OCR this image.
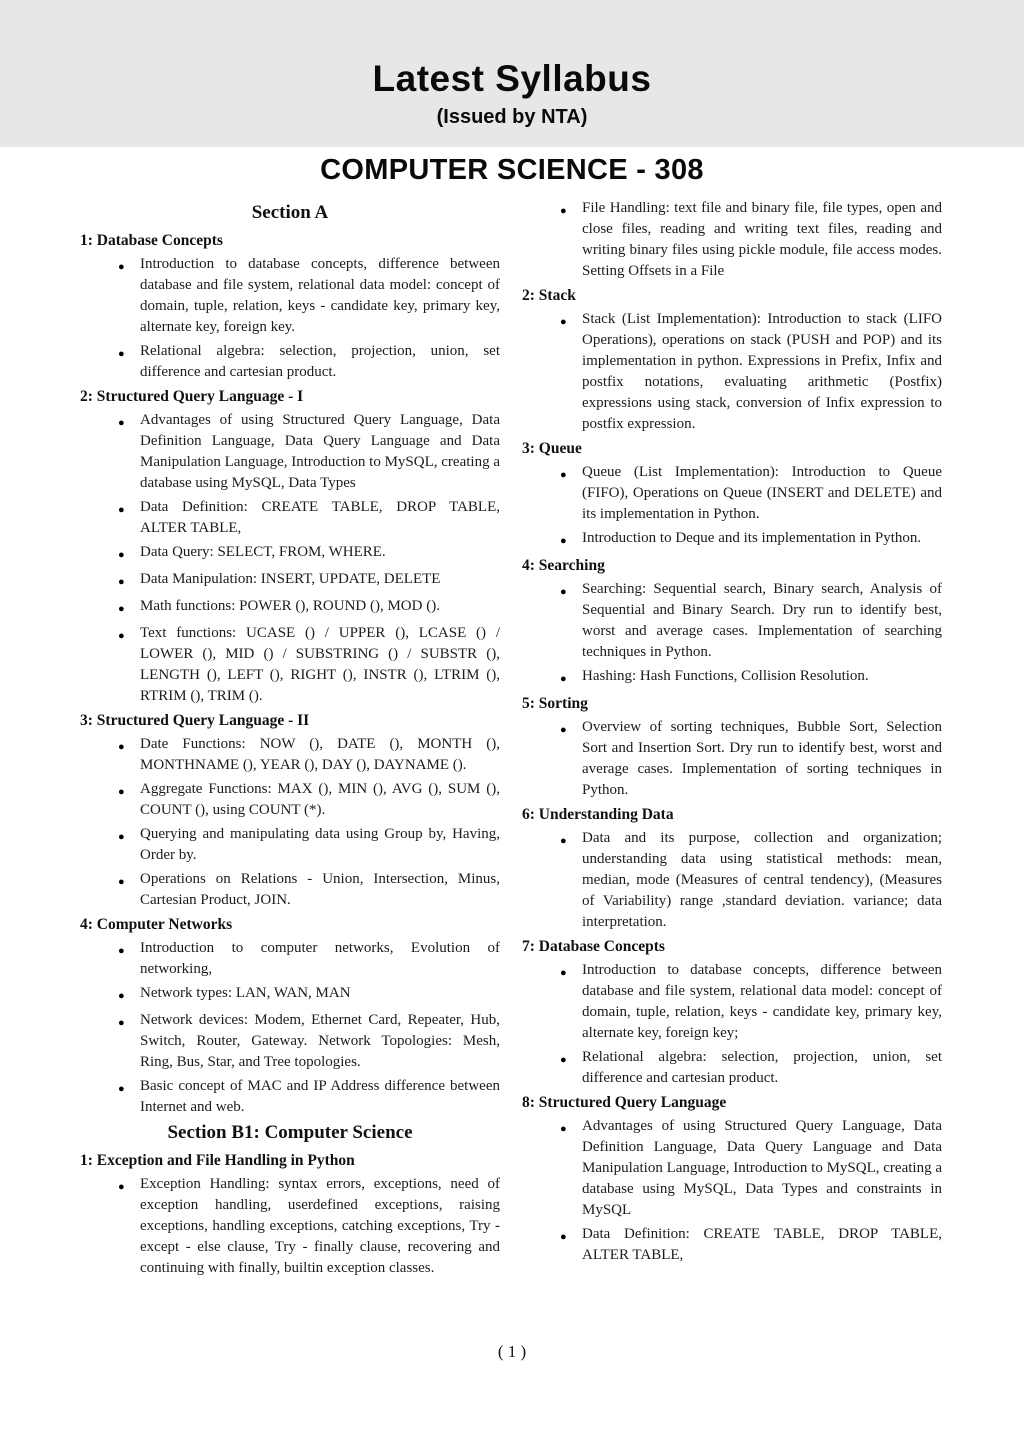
Latest Syllabus
(Issued by NTA)
COMPUTER SCIENCE - 308
Section A
1: Database Concepts
●	Introduction to database concepts, difference between database and file system, relational data model: concept of domain, tuple, relation, keys - candidate key, primary key, alternate key, foreign key.
●	Relational algebra: selection, projection, union, set difference and cartesian product.
2: Structured Query Language - I
●	Advantages of using Structured Query Language, Data Definition Language, Data Query Language and Data Manipulation Language, Introduction to MySQL, creating a database using MySQL, Data Types
●	Data Definition: CREATE TABLE, DROP TABLE, ALTER TABLE,
●	Data Query: SELECT, FROM, WHERE.
●	Data Manipulation: INSERT, UPDATE, DELETE
●	Math functions: POWER (), ROUND (), MOD ().
●	Text functions: UCASE () / UPPER (), LCASE () / LOWER (), MID () / SUBSTRING () / SUBSTR (), LENGTH (), LEFT (), RIGHT (), INSTR (), LTRIM (), RTRIM (), TRIM ().
3: Structured Query Language - II
●	Date Functions: NOW (), DATE (), MONTH (), MONTHNAME (), YEAR (), DAY (), DAYNAME ().
●	Aggregate Functions: MAX (), MIN (), AVG (), SUM (), COUNT (), using COUNT (*).
●	Querying and manipulating data using Group by, Having, Order by.
●	Operations on Relations - Union, Intersection, Minus, Cartesian Product, JOIN.
4: Computer Networks
●	Introduction to computer networks, Evolution of networking,
●	Network types: LAN, WAN, MAN
●	Network devices: Modem, Ethernet Card, Repeater, Hub, Switch, Router, Gateway. Network Topologies: Mesh, Ring, Bus, Star, and Tree topologies.
●	Basic concept of MAC and IP Address difference between Internet and web.
Section B1: Computer Science
1: Exception and File Handling in Python
●	Exception Handling: syntax errors, exceptions, need of exception handling, userdefined exceptions, raising exceptions, handling exceptions, catching exceptions, Try - except - else clause, Try - finally clause, recovering and continuing with finally, builtin exception classes.
●	File Handling: text file and binary file, file types, open and close files, reading and writing text files, reading and writing binary files using pickle module, file access modes. Setting Offsets in a File
2: Stack
●	Stack (List Implementation): Introduction to stack (LIFO Operations), operations on stack (PUSH and POP) and its implementation in python. Expressions in Prefix, Infix and postfix notations, evaluating arithmetic (Postfix) expressions using stack, conversion of Infix expression to postfix expression.
3: Queue
●	Queue (List Implementation): Introduction to Queue (FIFO), Operations on Queue (INSERT and DELETE) and its implementation in Python.
●	Introduction to Deque and its implementation in Python.
4: Searching
●	Searching: Sequential search, Binary search, Analysis of Sequential and Binary Search. Dry run to identify best, worst and average cases. Implementation of searching techniques in Python.
●	Hashing: Hash Functions, Collision Resolution.
5: Sorting
●	Overview of sorting techniques, Bubble Sort, Selection Sort and Insertion Sort. Dry run to identify best, worst and average cases. Implementation of sorting techniques in Python.
6: Understanding Data
●	Data and its purpose, collection and organization; understanding data using statistical methods: mean, median, mode (Measures of central tendency), (Measures of Variability) range ,standard deviation. variance; data interpretation.
7: Database Concepts
●	Introduction to database concepts, difference between database and file system, relational data model: concept of domain, tuple, relation, keys - candidate key, primary key, alternate key, foreign key;
●	Relational algebra: selection, projection, union, set difference and cartesian product.
8: Structured Query Language
●	Advantages of using Structured Query Language, Data Definition Language, Data Query Language and Data Manipulation Language, Introduction to MySQL, creating a database using MySQL, Data Types and constraints in MySQL
●	Data Definition: CREATE TABLE, DROP TABLE, ALTER TABLE,
( 1 )
